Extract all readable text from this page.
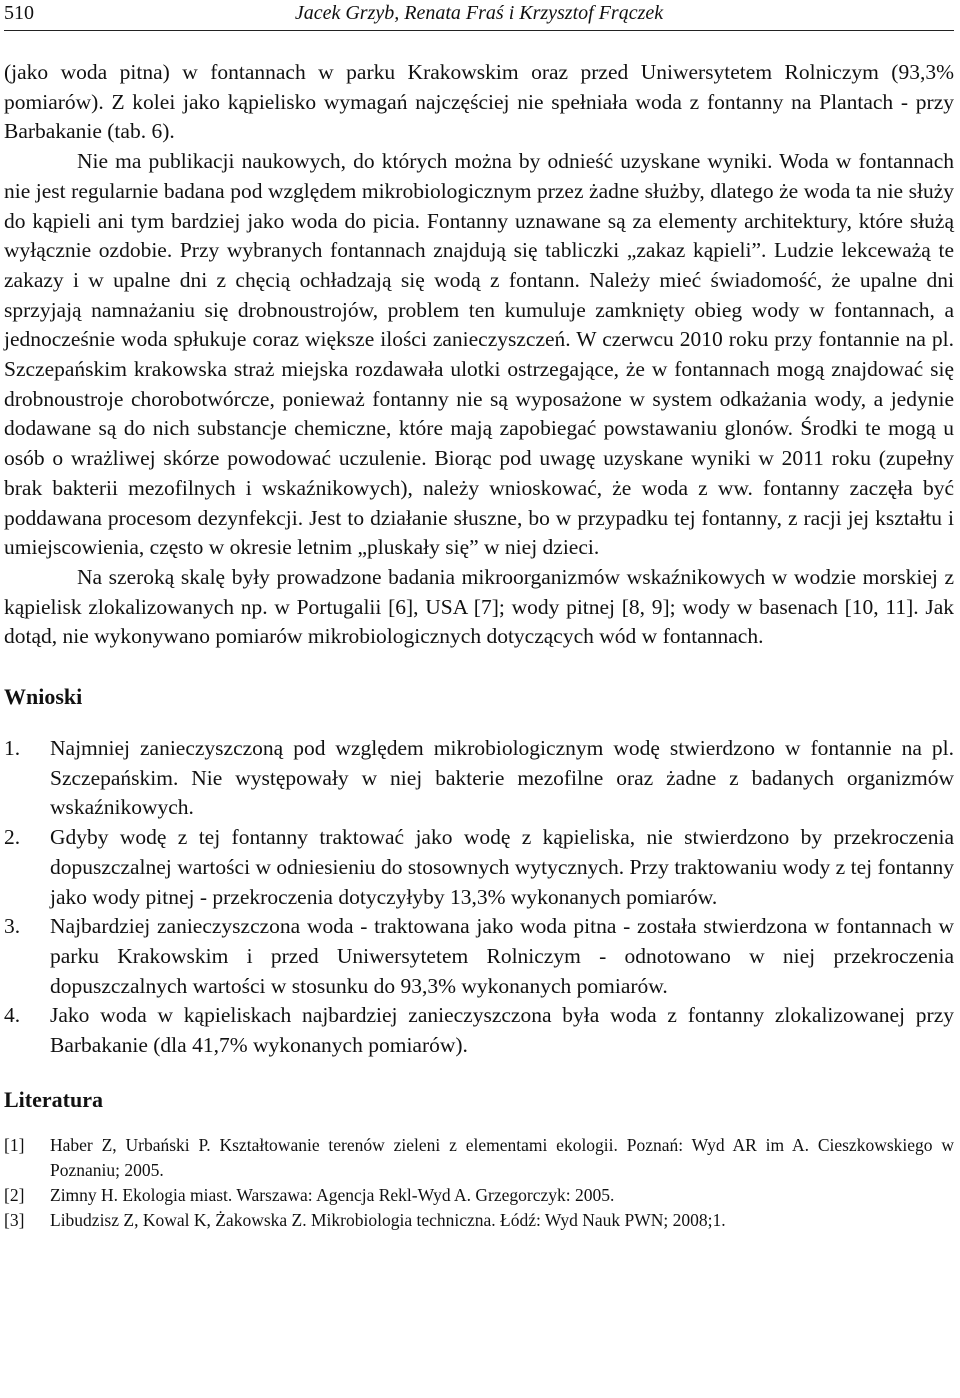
510	Jacek Grzyb, Renata Fraś i Krzysztof Frączek

(jako woda pitna) w fontannach w parku Krakowskim oraz przed Uniwersytetem Rolniczym (93,3% pomiarów). Z kolei jako kąpielisko wymagań najczęściej nie spełniała woda z fontanny na Plantach - przy Barbakanie (tab. 6).

Nie ma publikacji naukowych, do których można by odnieść uzyskane wyniki. Woda w fontannach nie jest regularnie badana pod względem mikrobiologicznym przez żadne służby, dlatego że woda ta nie służy do kąpieli ani tym bardziej jako woda do picia. Fontanny uznawane są za elementy architektury, które służą wyłącznie ozdobie. Przy wybranych fontannach znajdują się tabliczki „zakaz kąpieli”. Ludzie lekceważą te zakazy i w upalne dni z chęcią ochładzają się wodą z fontann. Należy mieć świadomość, że upalne dni sprzyjają namnażaniu się drobnoustrojów, problem ten kumuluje zamknięty obieg wody w fontannach, a jednocześnie woda spłukuje coraz większe ilości zanieczyszczeń. W czerwcu 2010 roku przy fontannie na pl. Szczepańskim krakowska straż miejska rozdawała ulotki ostrzegające, że w fontannach mogą znajdować się drobnoustroje chorobotwórcze, ponieważ fontanny nie są wyposażone w system odkażania wody, a jedynie dodawane są do nich substancje chemiczne, które mają zapobiegać powstawaniu glonów. Środki te mogą u osób o wrażliwej skórze powodować uczulenie. Biorąc pod uwagę uzyskane wyniki w 2011 roku (zupełny brak bakterii mezofilnych i wskaźnikowych), należy wnioskować, że woda z ww. fontanny zaczęła być poddawana procesom dezynfekcji. Jest to działanie słuszne, bo w przypadku tej fontanny, z racji jej kształtu i umiejscowienia, często w okresie letnim „pluskały się” w niej dzieci.

Na szeroką skalę były prowadzone badania mikroorganizmów wskaźnikowych w wodzie morskiej z kąpielisk zlokalizowanych np. w Portugalii [6], USA [7]; wody pitnej [8, 9]; wody w basenach [10, 11]. Jak dotąd, nie wykonywano pomiarów mikrobiologicznych dotyczących wód w fontannach.

Wnioski
1. Najmniej zanieczyszczoną pod względem mikrobiologicznym wodę stwierdzono w fontannie na pl. Szczepańskim. Nie występowały w niej bakterie mezofilne oraz żadne z badanych organizmów wskaźnikowych.
2. Gdyby wodę z tej fontanny traktować jako wodę z kąpieliska, nie stwierdzono by przekroczenia dopuszczalnej wartości w odniesieniu do stosownych wytycznych. Przy traktowaniu wody z tej fontanny jako wody pitnej - przekroczenia dotyczyłyby 13,3% wykonanych pomiarów.
3. Najbardziej zanieczyszczona woda - traktowana jako woda pitna - została stwierdzona w fontannach w parku Krakowskim i przed Uniwersytetem Rolniczym - odnotowano w niej przekroczenia dopuszczalnych wartości w stosunku do 93,3% wykonanych pomiarów.
4. Jako woda w kąpieliskach najbardziej zanieczyszczona była woda z fontanny zlokalizowanej przy Barbakanie (dla 41,7% wykonanych pomiarów).
Literatura
[1] Haber Z, Urbański P. Kształtowanie terenów zieleni z elementami ekologii. Poznań: Wyd AR im A. Cieszkowskiego w Poznaniu; 2005.
[2] Zimny H. Ekologia miast. Warszawa: Agencja Rekl-Wyd A. Grzegorczyk: 2005.
[3] Libudzisz Z, Kowal K, Żakowska Z. Mikrobiologia techniczna. Łódź: Wyd Nauk PWN; 2008;1.
